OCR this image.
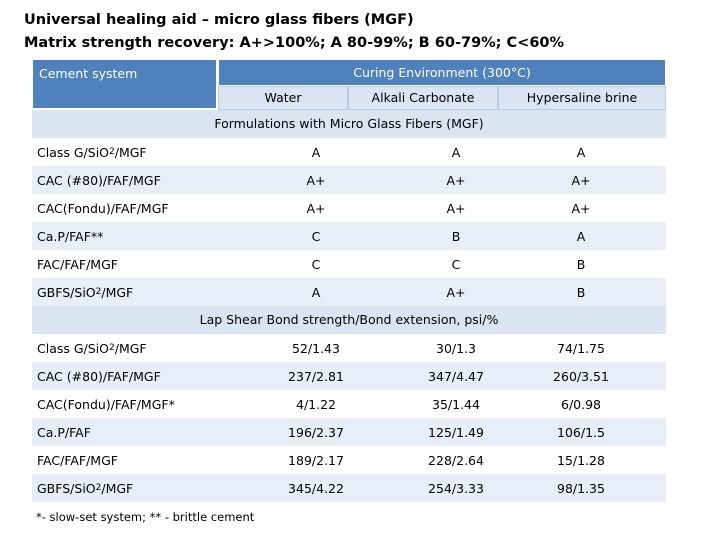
Universal healing aid – micro glass fibers (MGF)
Matrix strength recovery: A+>100%; A 80-99%; B 60-79%; C<60%
Cement system	Curing Environment (300°C)
Water	Alkali Carbonate	Hypersaline brine
Formulations with Micro Glass Fibers (MGF)
Class G/SiO 2 /MGF	A	A	A
CAC (#80)/FAF/MGF	A+	A+	A+
CAC(Fondu)/FAF/MGF	A+	A+	A+
Ca.P/FAF**	C	B	A
FAC/FAF/MGF	C	C	B
GBFS/SiO 2 /MGF	A	A+	B
Lap Shear Bond strength/Bond extension, psi/%
Class G/SiO 2 /MGF	52/1.43	30/1.3	74/1.75
CAC (#80)/FAF/MGF	237/2.81	347/4.47	260/3.51
CAC(Fondu)/FAF/MGF*	4/1.22	35/1.44	6/0.98
Ca.P/FAF	196/2.37	125/1.49	106/1.5
FAC/FAF/MGF	189/2.17	228/2.64	15/1.28
GBFS/SiO 2 /MGF	345/4.22	254/3.33	98/1.35
*- slow-set system; ** - brittle cement
